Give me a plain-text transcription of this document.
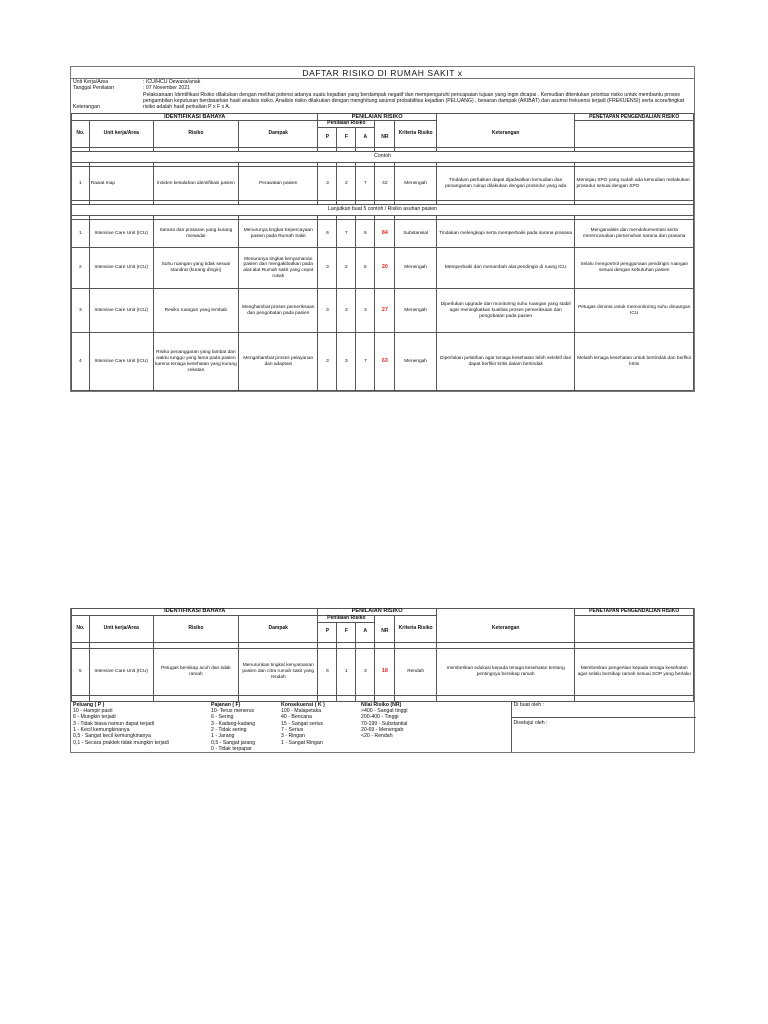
DAFTAR RISIKO DI RUMAH SAKIT x
Unit Kerja/Area	: ICU/HCU Dewasa/anak
Tanggal Penilaian	: 07 November 2021

Keterangan
Pelaksanaan Identifikasi Risiko dilakukan dengan melihat potensi adanya suatu kejadian yang berdampak negatif dan mempengaruhi pencapaian tujuan yang ingin dicapai . Kemudian ditentukan prioritas risiko untuk membantu proses pengambilan keputusan berdasarkan hasil analisis risiko. Analisis risiko dilakukan dengan menghitung asumsi probabilitas kejadian (PELUANG) , besaran dampak (AKIBAT) dan asumsi frekuensi terjadi (FREKUENSI) serta score/tingkat risiko adalah hasil perkalian P x F x A.
IDENTIFIKASI BAHAYA				PENILAIAN RISIKO						PENETAPAN PENGENDALIAN RISIKO
No.	Unit kerja/Area	Risiko	Dampak	Penilaian Risiko				Kriteria Risiko	Keterangan	
				P	F	A	NR			

Contoh										

1	Rawat Inap	Insiden kesalahan identifikasi pasien	Perawatan pasien	3	2	7	42	Menengah	Tindakan perbaikan dapat dijadwalkan kemudian dan penanganan cukup dilakukan dengan prosedur yang ada	Meninjau SPO yang sudah ada kemudian melakukan prosedur sesuai dengan SPO

Lanjutkan buat 5 contoh / Risiko asuhan pasien										

1	Intensive Care Unit (ICU)	Sarana dan prasaran yang kurang mewadai	Menurunya tingkat Kepercayaan pasien pada Rumah Sakit	6	7	8	84	Substansial	Tindakan melengkapi serta memperbaiki pada sarana prasana	Menganalisis dan mendokumentasi serta merencanakan pemenuhan sarana dan prasana
2	Intensive Care Unit (ICU)	Suhu ruangan yang tidak sesuai standrat (kurang dingin)	Menurunya tingkat kenyamanan pasien dan mengakibatkan pada alat-alat Rumah sakit yang cepat rusak	3	2	5	20	Menengah	Memperbaiki dan menambah alat pendingin di ruang ICU	Selalu mengontrol penggunaan pendingin ruangan sesuai dengan kebutuhan pasien
3	Intensive Care Unit (ICU)	Resiko ruangan yang lembab	Menghambat proses pemeriksaan dan pengobatan pada pasien	3	3	3	27	Menengah	Diperlukan upgrade dan monitoring suhu ruangan yang stabil agar meningkatkan kualitas proses pemeriksaan dan pengobatan pada pasien	Petugas diminta untuk memonitoring suhu diruangan ICU
4	Intensive Care Unit (ICU)	Risiko penanggaran yang lambat dan waktu tunggu yang lama pada pasien karena tenaga kesehatan yang kurang cekatan	Mengahambat proses pelayanan dan adaptasi	3	3	7	63	Menengah	Diperlukan pelatihan agar tenaga kesehatan lebih selektif dan dapat berfikir kritis dalam bertindak	Melatih tenaga kesehatan untuk bertindak dan berfikir kritis
IDENTIFIKASI BAHAYA				PENILAIAN RISIKO						PENETAPAN PENGENDALIAN RISIKO
No.	Unit kerja/Area	Risiko	Dampak	Penilaian Risiko				Kriteria Risiko	Keterangan	
				P	F	A	NR			

5	Intensive Care Unit (ICU)	Petugas bersikap acuh dan tidak ramah	Menurunkan tingkat kenyamanan pasien dan citra rumah sakit yang rendah	6	1	3	18	Rendah	memberikan edukasi kepada tenaga kesehatan tentang pentingnya bersikap ramah	Memberikan pengertian kepada tenaga kesehatan agar selalu bersikap ramah sesuai SOP yang berlaku

Peluang ( P )
10 - Hampir pasti
6 - Mungkin terjadi
3 - Tidak biasa namun dapat terjadi
1 - Kecil kemungkinanya
0,5 - Sangat kecil kemungkinanya
0,1 - Secara praktek tidak mungkin terjadi

Pajanan ( F)
10- Terus menerus
6 - Sering
3 - Kadang-kadang
2 - Tidak sering
1 - Jarang
0,5 - Sangat jarang
0 - Tidak terpapar

Konsekuensi ( K )
100 - Malapetaka
40 - Bencana
15 - Sangat serius
7 - Serius
3 - Ringan
1 - Sangat Ringan

Nilai Risiko (NR)
>400 - Sangat tinggi
200-400 - Tinggi
70-199 - Substantial
20-69 - Menengah
<20 - Rendah

Di buat oleh :
Disetujui oleh :
